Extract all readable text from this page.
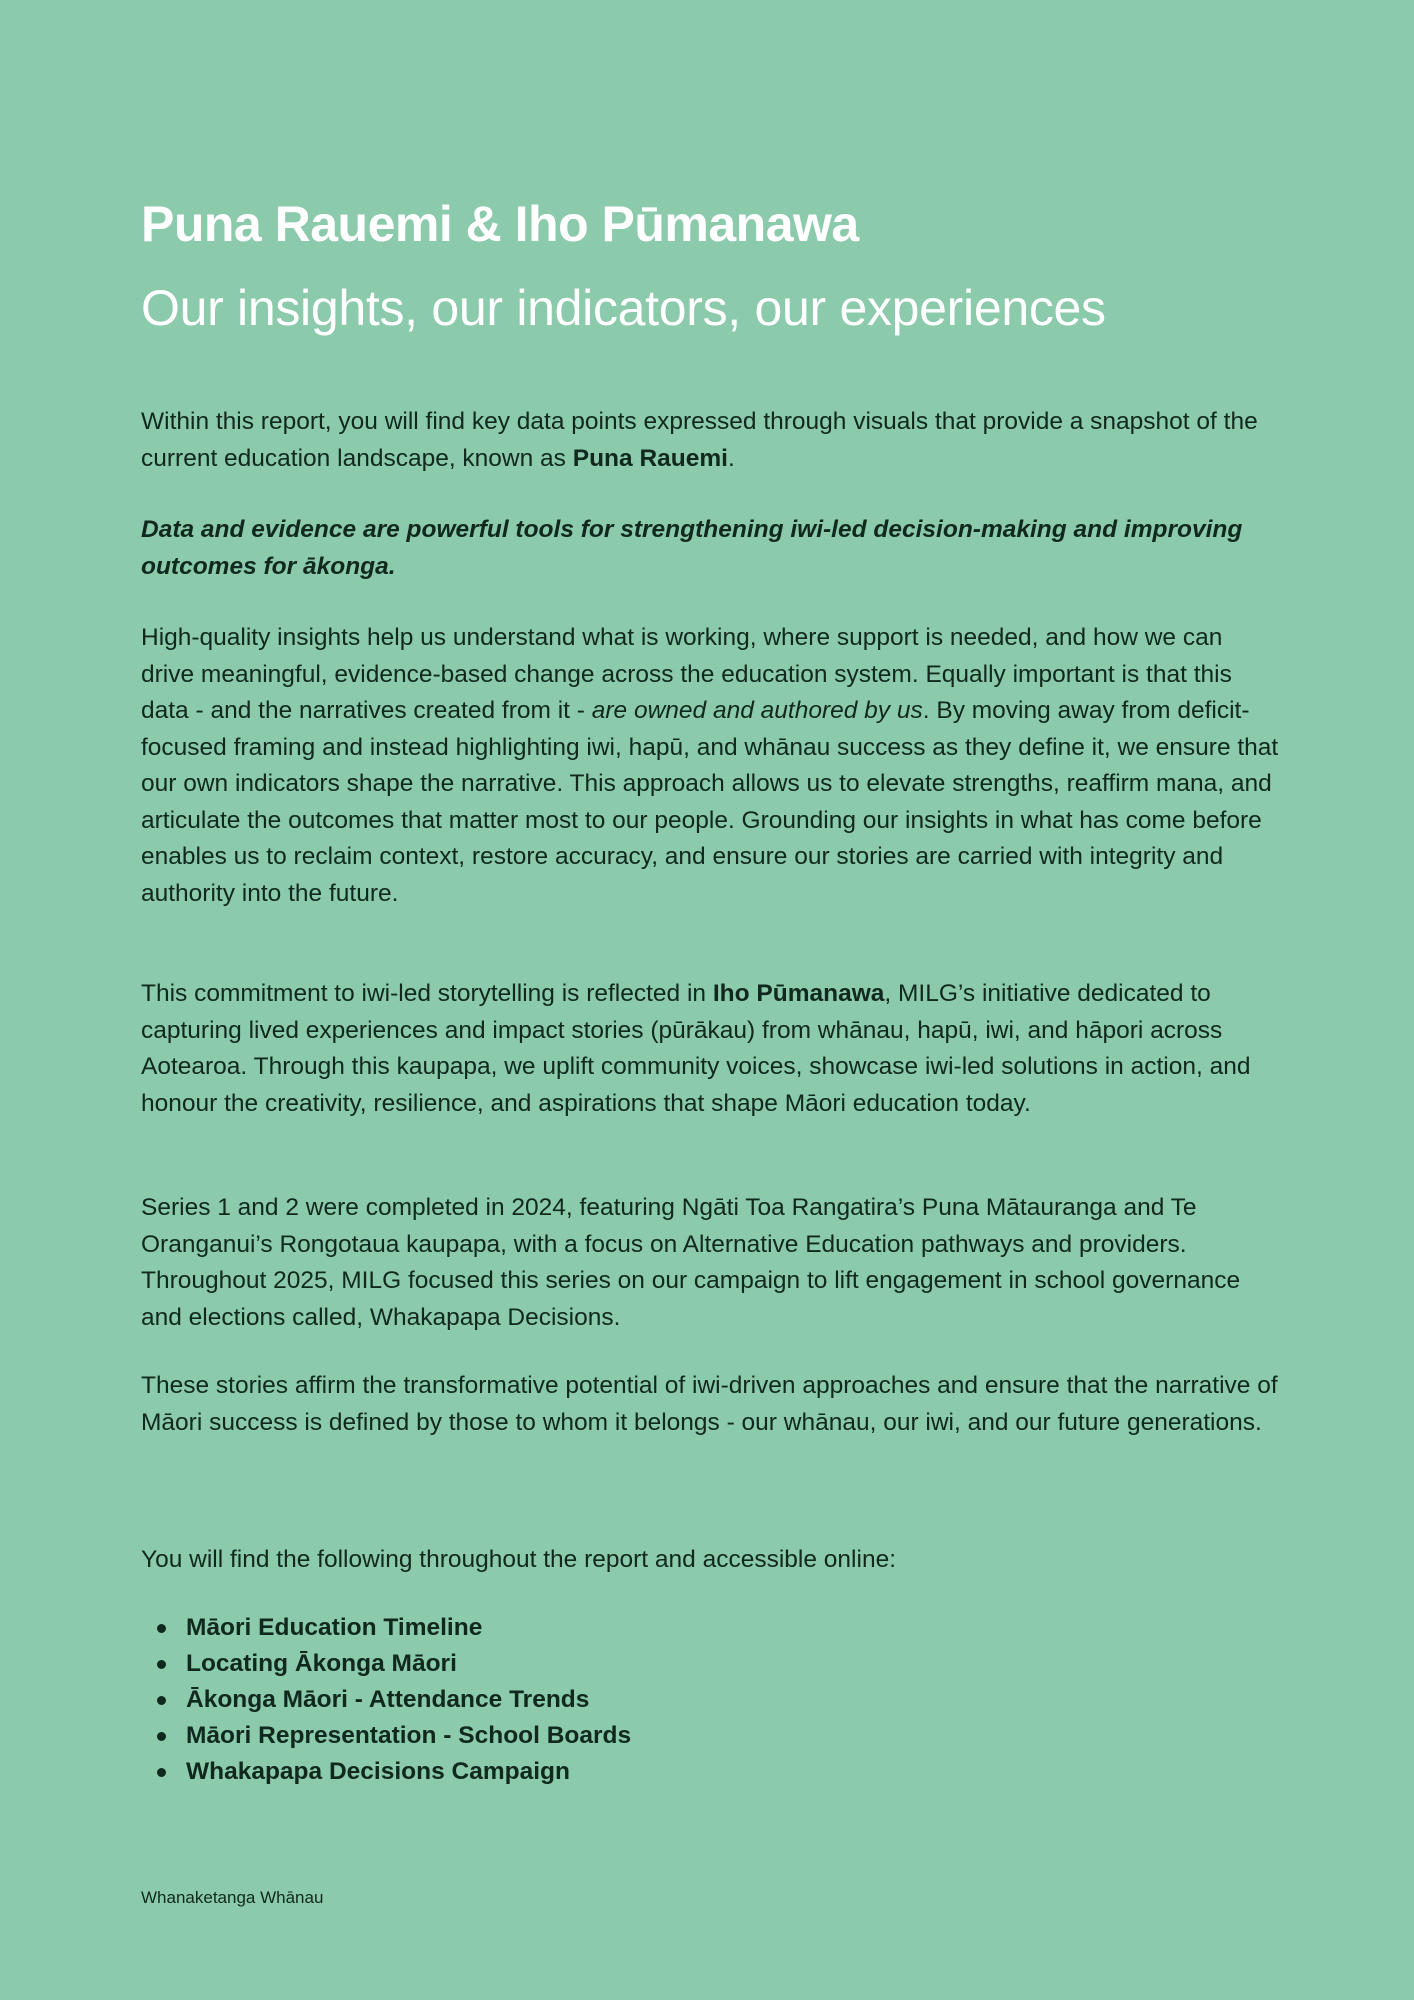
Puna Rauemi & Iho Pūmanawa
Our insights, our indicators, our experiences

Within this report, you will find key data points expressed through visuals that provide a snapshot of the current education landscape, known as Puna Rauemi.

Data and evidence are powerful tools for strengthening iwi-led decision-making and improving outcomes for ākonga.

High-quality insights help us understand what is working, where support is needed, and how we can drive meaningful, evidence-based change across the education system. Equally important is that this data - and the narratives created from it - are owned and authored by us. By moving away from deficit-focused framing and instead highlighting iwi, hapū, and whānau success as they define it, we ensure that our own indicators shape the narrative. This approach allows us to elevate strengths, reaffirm mana, and articulate the outcomes that matter most to our people. Grounding our insights in what has come before enables us to reclaim context, restore accuracy, and ensure our stories are carried with integrity and authority into the future.

This commitment to iwi-led storytelling is reflected in Iho Pūmanawa, MILG’s initiative dedicated to capturing lived experiences and impact stories (pūrākau) from whānau, hapū, iwi, and hāpori across Aotearoa. Through this kaupapa, we uplift community voices, showcase iwi-led solutions in action, and honour the creativity, resilience, and aspirations that shape Māori education today.

Series 1 and 2 were completed in 2024, featuring Ngāti Toa Rangatira’s Puna Mātauranga and Te Oranganui’s Rongotaua kaupapa, with a focus on Alternative Education pathways and providers. Throughout 2025, MILG focused this series on our campaign to lift engagement in school governance and elections called, Whakapapa Decisions.

These stories affirm the transformative potential of iwi-driven approaches and ensure that the narrative of Māori success is defined by those to whom it belongs - our whānau, our iwi, and our future generations.

You will find the following throughout the report and accessible online:

Māori Education Timeline
Locating Ākonga Māori
Ākonga Māori - Attendance Trends
Māori Representation - School Boards
Whakapapa Decisions Campaign

Whanaketanga Whānau
